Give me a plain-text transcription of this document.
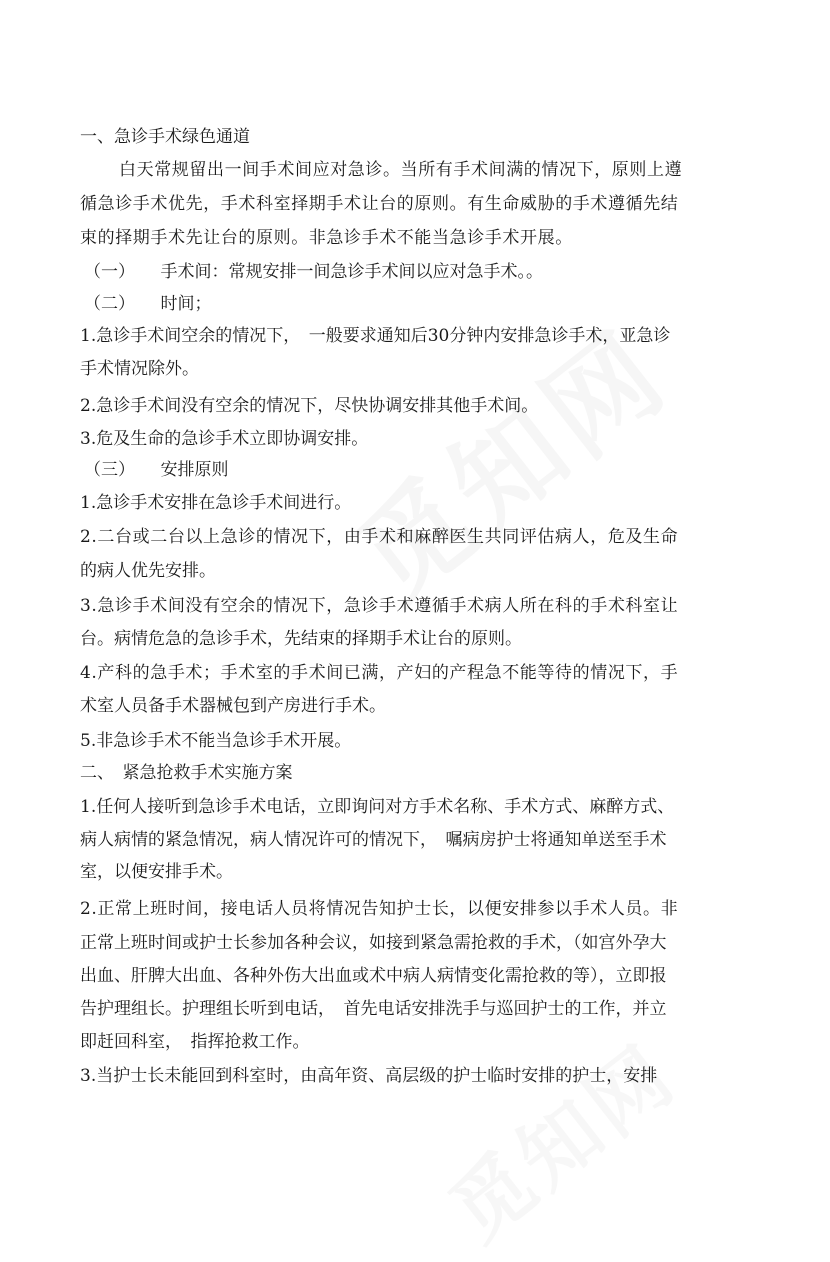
一、急诊手术绿色通道
白天常规留出一间手术间应对急诊。当所有手术间满的情况下，原则上遵
循急诊手术优先，手术科室择期手术让台的原则。有生命威胁的手术遵循先结
束的择期手术先让台的原则。非急诊手术不能当急诊手术开展。
（一）　　手术间：常规安排一间急诊手术间以应对急手术。。
（二）　　时间；
1.急诊手术间空余的情况下，　一般要求通知后30分钟内安排急诊手术，亚急诊
手术情况除外。
2.急诊手术间没有空余的情况下，尽快协调安排其他手术间。
3.危及生命的急诊手术立即协调安排。
（三）　　安排原则
1.急诊手术安排在急诊手术间进行。
2.二台或二台以上急诊的情况下，由手术和麻醉医生共同评估病人，危及生命
的病人优先安排。
3.急诊手术间没有空余的情况下，急诊手术遵循手术病人所在科的手术科室让
台。病情危急的急诊手术，先结束的择期手术让台的原则。
4.产科的急手术；手术室的手术间已满，产妇的产程急不能等待的情况下，手
术室人员备手术器械包到产房进行手术。
5.非急诊手术不能当急诊手术开展。
二、　紧急抢救手术实施方案
1.任何人接听到急诊手术电话，立即询问对方手术名称、手术方式、麻醉方式、
病人病情的紧急情况，病人情况许可的情况下，　嘱病房护士将通知单送至手术
室，以便安排手术。
2.正常上班时间，接电话人员将情况告知护士长，以便安排参以手术人员。非
正常上班时间或护士长参加各种会议，如接到紧急需抢救的手术，（如宫外孕大
出血、肝脾大出血、各种外伤大出血或术中病人病情变化需抢救的等），立即报
告护理组长。护理组长听到电话，　首先电话安排洗手与巡回护士的工作，并立
即赶回科室，　指挥抢救工作。
3.当护士长未能回到科室时，由高年资、高层级的护士临时安排的护士，安排
